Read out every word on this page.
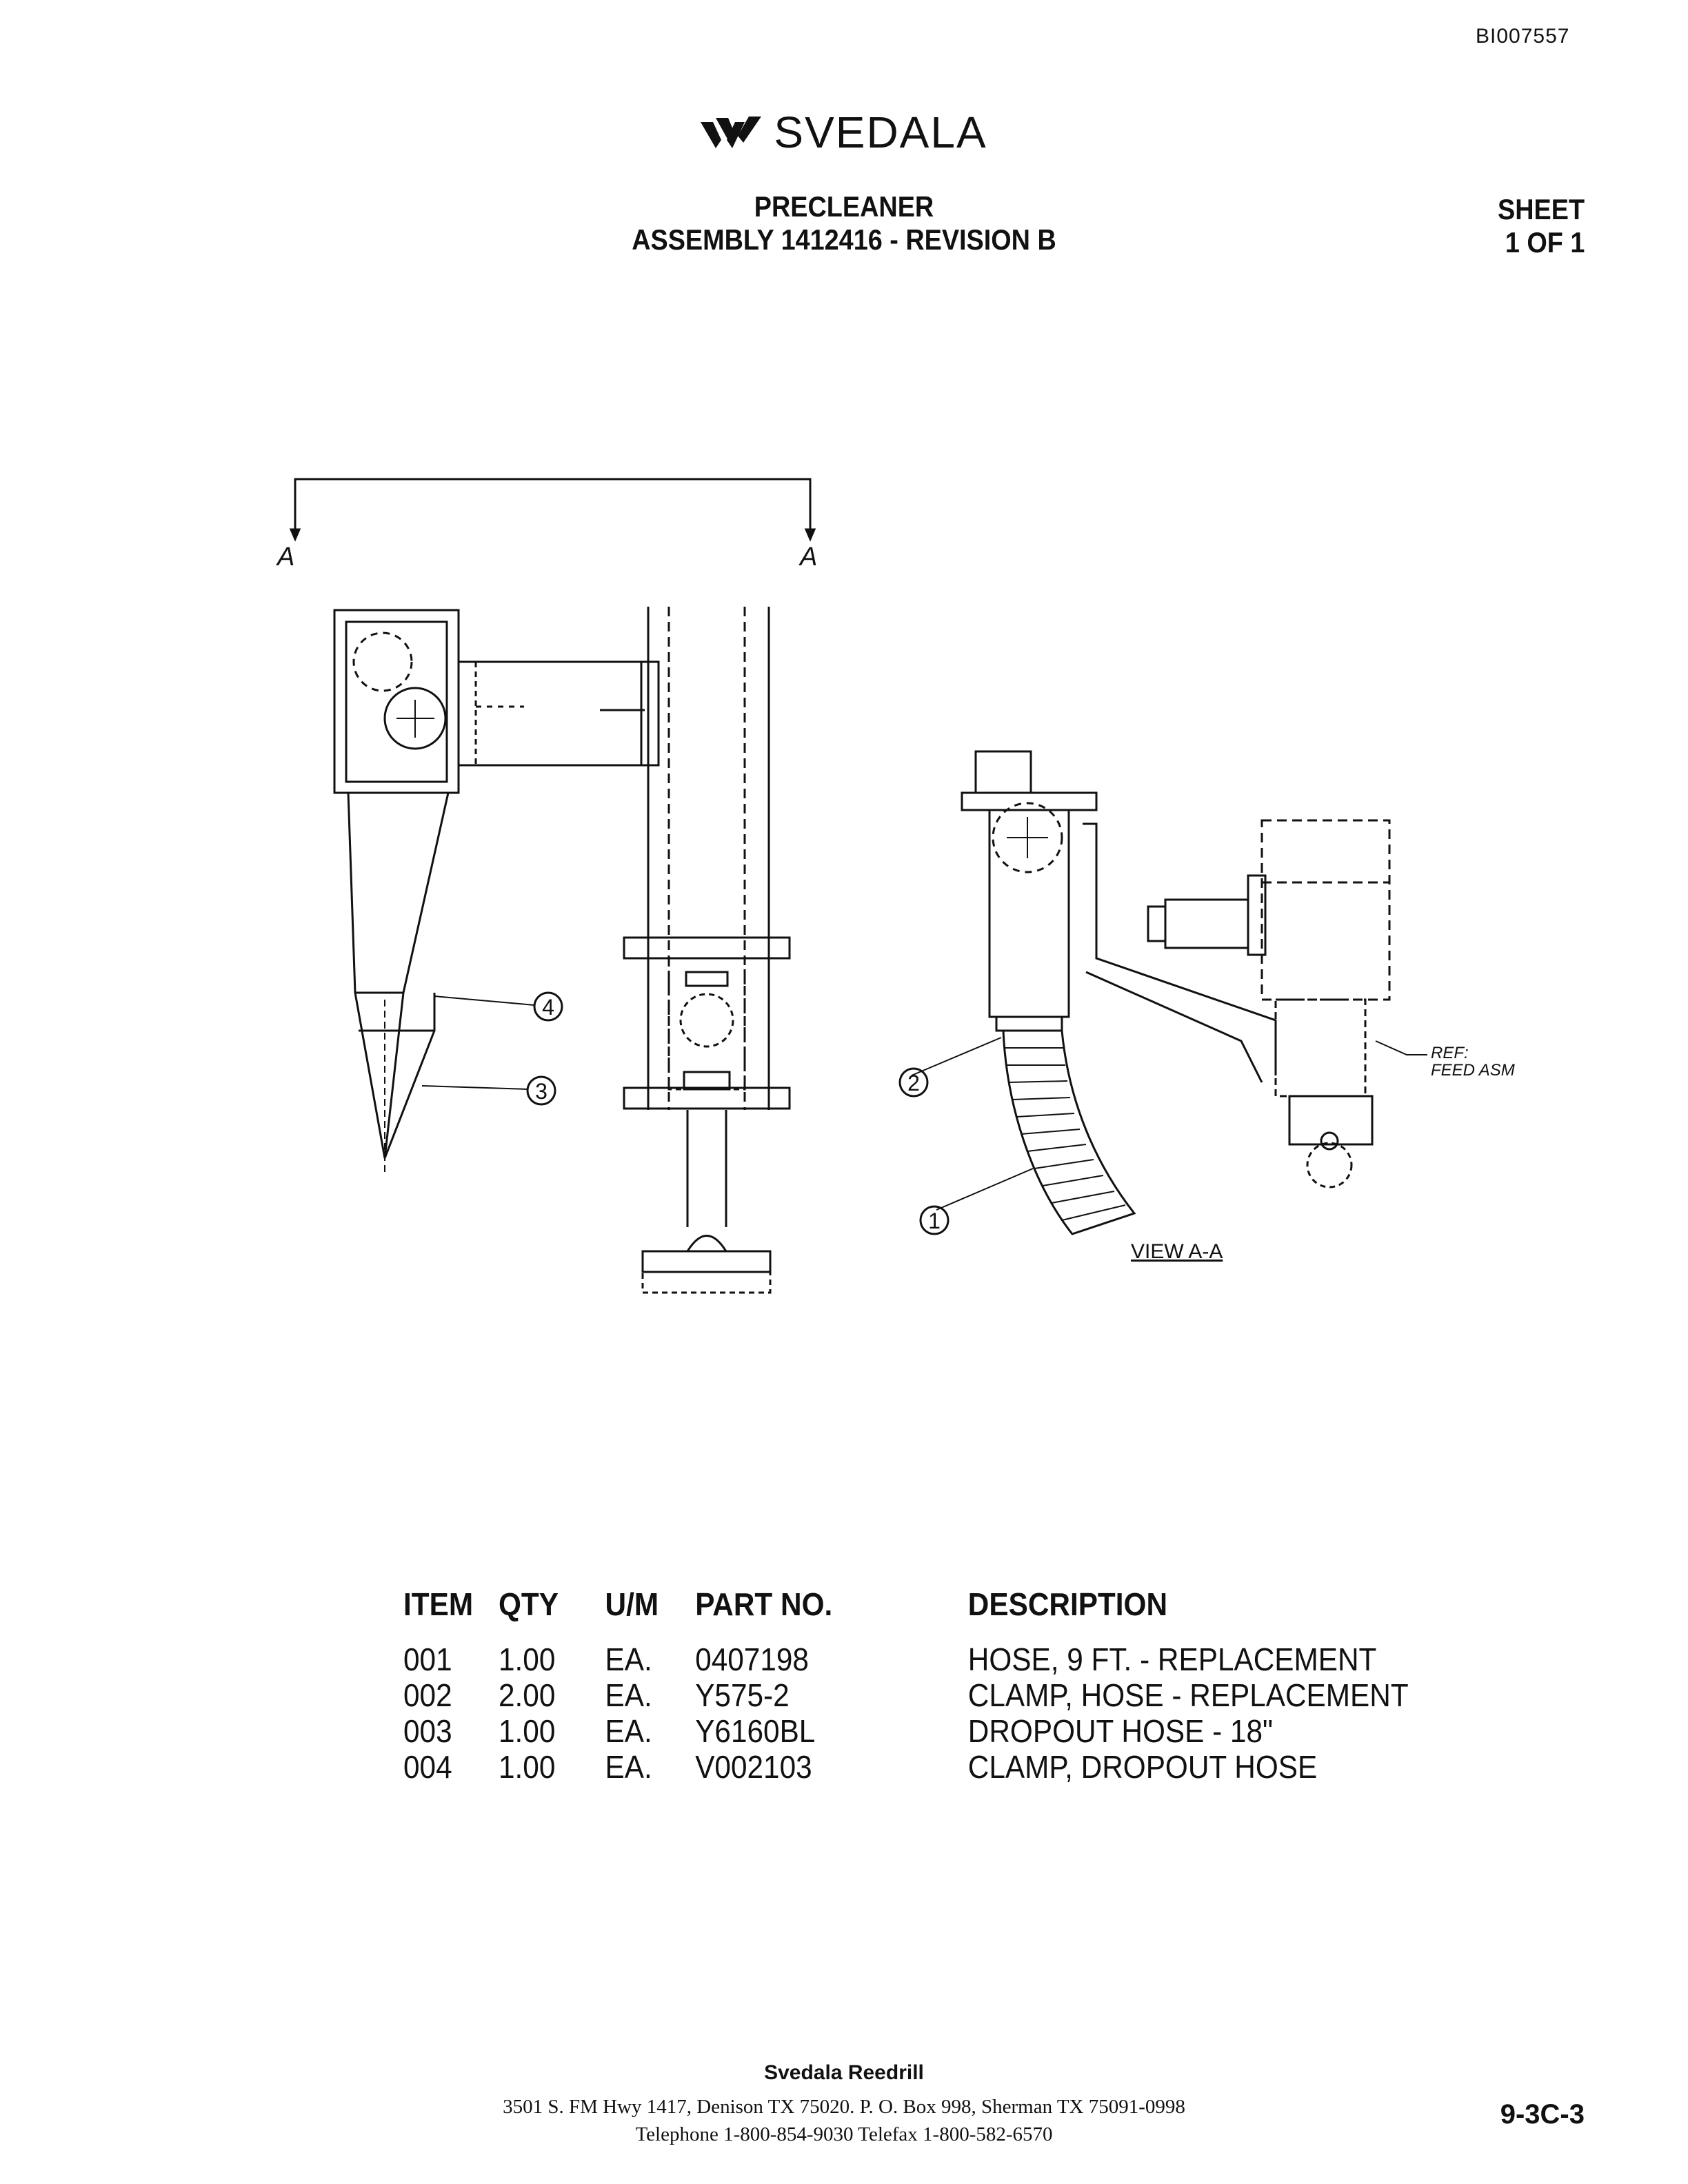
BI007557
SVEDALA
PRECLEANER
ASSEMBLY 1412416 - REVISION B
SHEET
1 OF 1
A	A
4
3	2
1
REF:
FEED ASM
VIEW A-A
ITEM QTY U/M PART NO.	DESCRIPTION
001 1.00 EA. 0407198	HOSE, 9 FT. - REPLACEMENT
002 2.00 EA. Y575-2	CLAMP, HOSE - REPLACEMENT
003 1.00 EA. Y6160BL	DROPOUT HOSE - 18"
004 1.00 EA. V002103	CLAMP, DROPOUT HOSE
Svedala Reedrill
3501 S. FM Hwy 1417, Denison TX 75020. P. O. Box 998, Sherman TX 75091-0998
Telephone 1-800-854-9030 Telefax 1-800-582-6570
9-3C-3
